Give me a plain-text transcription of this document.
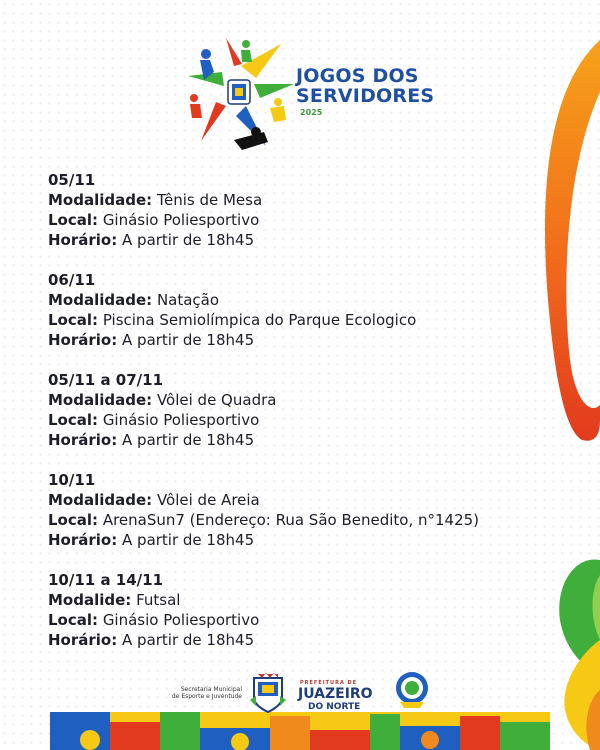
JOGOS DOS
SERVIDORES
2025
05/11
Modalidade: Tênis de Mesa
Local: Ginásio Poliesportivo
Horário: A partir de 18h45
06/11
Modalidade: Natação
Local: Piscina Semiolímpica do Parque Ecologico
Horário: A partir de 18h45
05/11 a 07/11
Modalidade: Vôlei de Quadra
Local: Ginásio Poliesportivo
Horário: A partir de 18h45
10/11
Modalidade: Vôlei de Areia
Local: ArenaSun7 (Endereço: Rua São Benedito, n°1425)
Horário: A partir de 18h45
10/11 a 14/11
Modalide: Futsal
Local: Ginásio Poliesportivo
Horário: A partir de 18h45
Secretaria Municipal
de Esporte e Juventude
PREFEITURA DE
JUAZEIRO
DO NORTE
